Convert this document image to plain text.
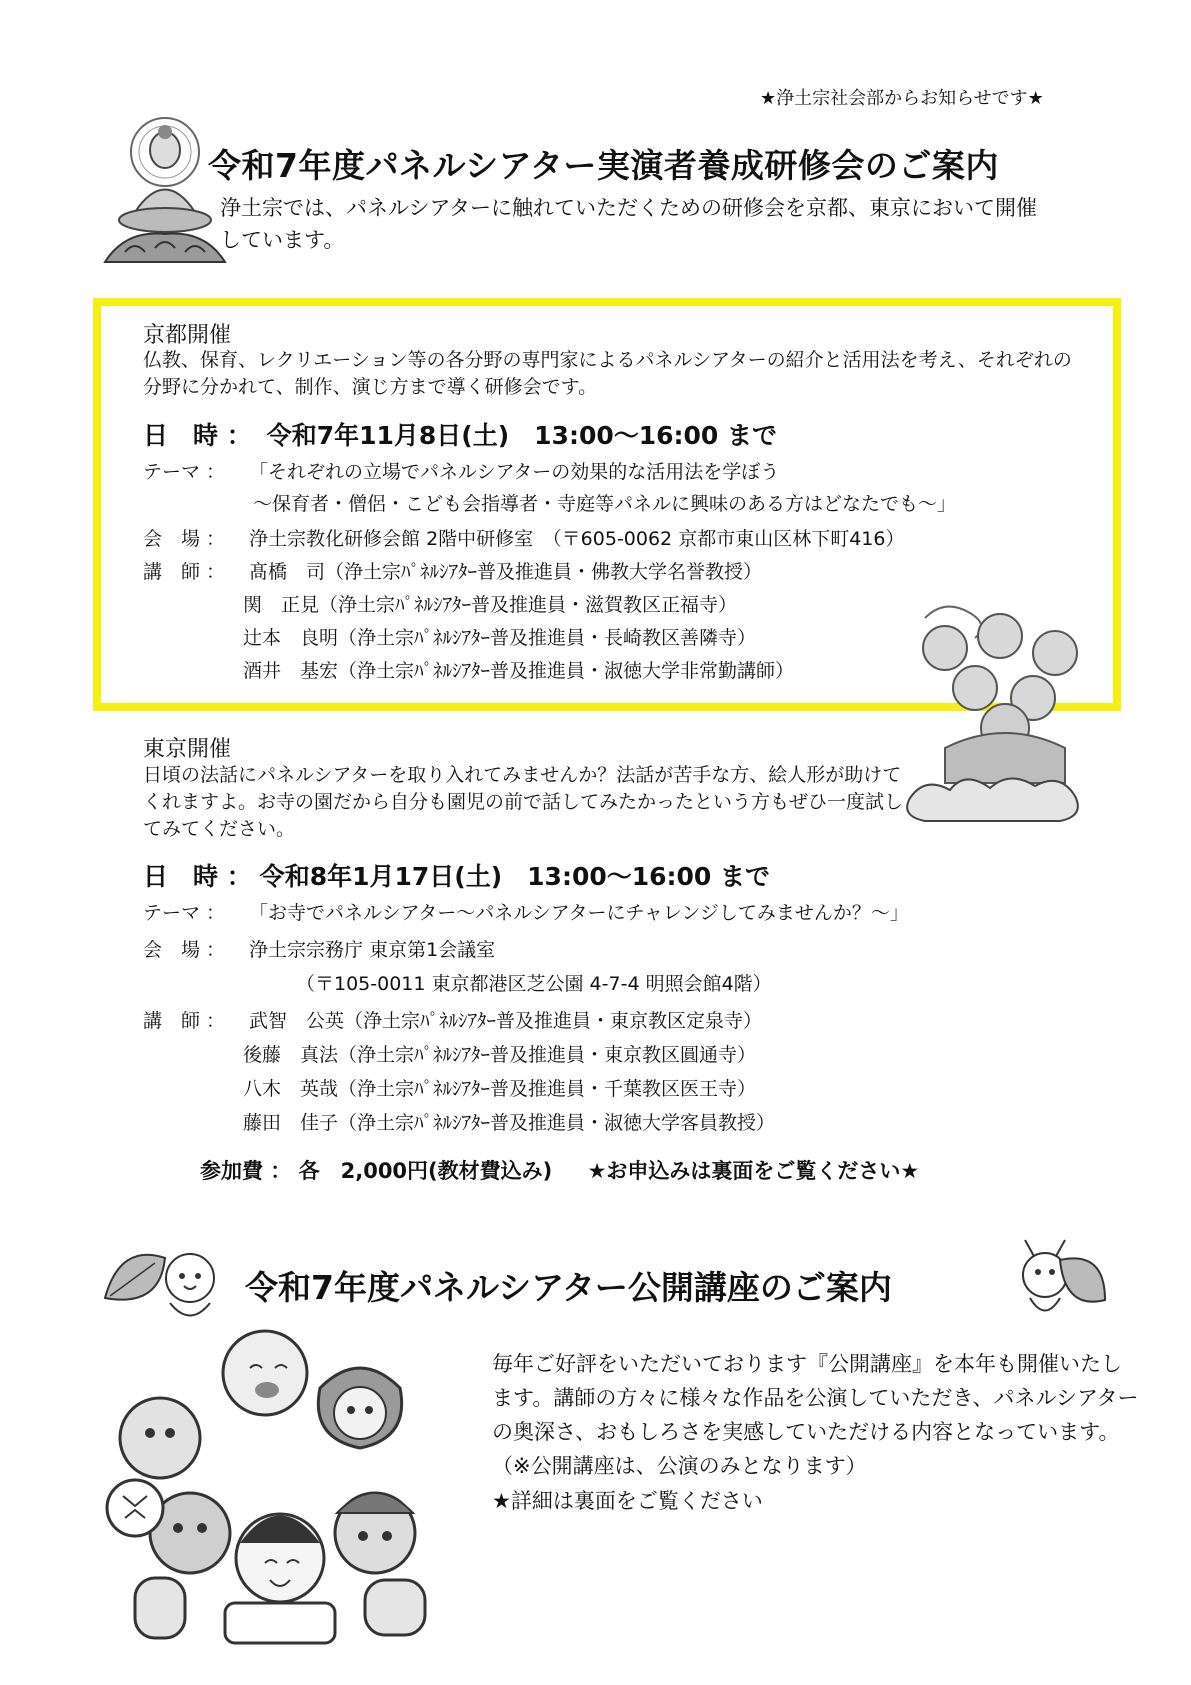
★浄土宗社会部からお知らせです★
令和7年度パネルシアター実演者養成研修会のご案内
浄土宗では、パネルシアターに触れていただくための研修会を京都、東京において開催しています。
京都開催
仏教、保育、レクリエーション等の各分野の専門家によるパネルシアターの紹介と活用法を考え、それぞれの分野に分かれて、制作、演じ方まで導く研修会です。
日　時 ： 令和7年11月8日(土)　13:00～16:00 まで
テーマ ： 「それぞれの立場でパネルシアターの効果的な活用法を学ぼう
～保育者・僧侶・こども会指導者・寺庭等パネルに興味のある方はどなたでも～」
会　場 ： 浄土宗教化研修会館 2階中研修室　（〒605-0062 京都市東山区林下町416）
講　師 ： 髙橋　司（浄土宗ﾊﾟﾈﾙｼｱﾀｰ普及推進員・佛教大学名誉教授）
関　正見（浄土宗ﾊﾟﾈﾙｼｱﾀｰ普及推進員・滋賀教区正福寺）
辻本　良明（浄土宗ﾊﾟﾈﾙｼｱﾀｰ普及推進員・長崎教区善隣寺）
酒井　基宏（浄土宗ﾊﾟﾈﾙｼｱﾀｰ普及推進員・淑徳大学非常勤講師）
東京開催
日頃の法話にパネルシアターを取り入れてみませんか？法話が苦手な方、絵人形が助けてくれますよ。お寺の園だから自分も園児の前で話してみたかったという方もぜひ一度試してみてください。
日　時 ： 令和8年1月17日(土)　13:00～16:00 まで
テーマ ： 「お寺でパネルシアター～パネルシアターにチャレンジしてみませんか？～」
会　場 ： 浄土宗宗務庁 東京第1会議室
（〒105-0011 東京都港区芝公園 4-7-4 明照会館4階）
講　師 ： 武智　公英（浄土宗ﾊﾟﾈﾙｼｱﾀｰ普及推進員・東京教区定泉寺）
後藤　真法（浄土宗ﾊﾟﾈﾙｼｱﾀｰ普及推進員・東京教区圓通寺）
八木　英哉（浄土宗ﾊﾟﾈﾙｼｱﾀｰ普及推進員・千葉教区医王寺）
藤田　佳子（浄土宗ﾊﾟﾈﾙｼｱﾀｰ普及推進員・淑徳大学客員教授）
参加費 ： 各　2,000円(教材費込み) ★お申込みは裏面をご覧ください★
令和7年度パネルシアター公開講座のご案内
毎年ご好評をいただいております『公開講座』を本年も開催いたします。講師の方々に様々な作品を公演していただき、パネルシアターの奥深さ、おもしろさを実感していただける内容となっています。（※公開講座は、公演のみとなります）
★詳細は裏面をご覧ください
